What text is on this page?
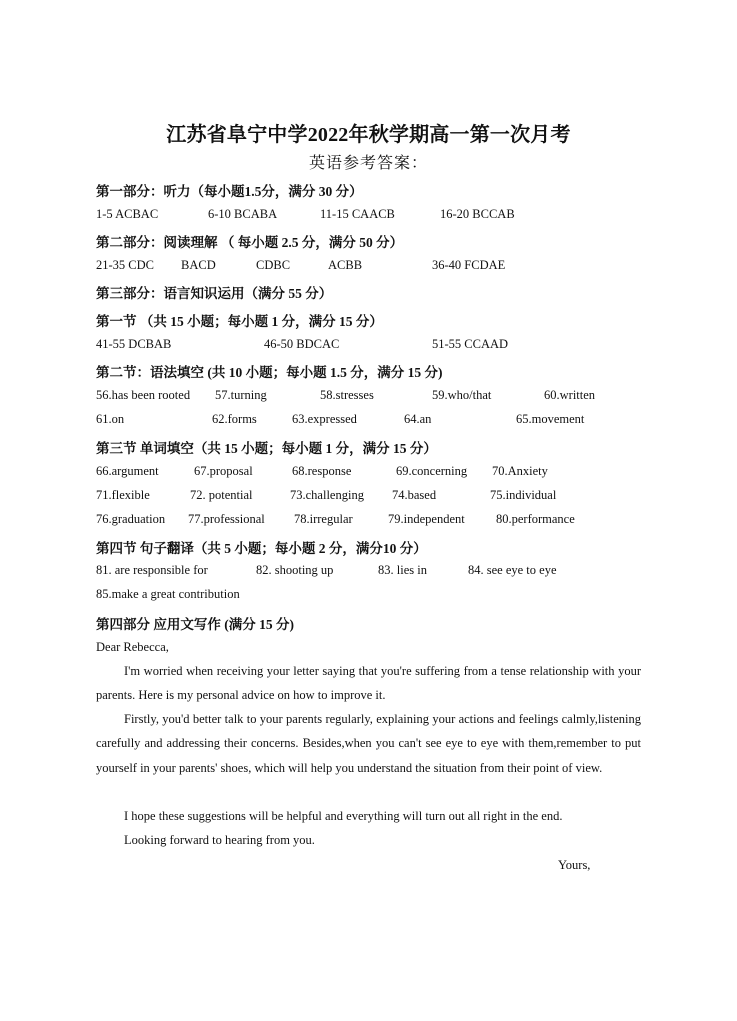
江苏省阜宁中学2022年秋学期高一第一次月考
英语参考答案：
第一部分：听力（每小题1.5分，满分 30 分）
1-5 ACBAC	6-10 BCABA	11-15 CAACB	16-20 BCCAB
第二部分：阅读理解 （ 每小题 2.5 分，满分 50 分）
21-35 CDC BACD	CDBC	ACBB	36-40 FCDAE
第三部分：语言知识运用（满分 55 分）
第一节 （共 15 小题；每小题 1 分，满分 15 分）
41-55 DCBAB	46-50 BDCAC	51-55 CCAAD
第二节：语法填空 (共 10 小题；每小题 1.5 分，满分 15 分)
56.has been rooted 57.turning	58.stresses	59.who/that	60.written
61.on	62.forms	63.expressed	64.an	65.movement
第三节 单词填空（共 15 小题；每小题 1 分，满分 15 分）
66.argument	67.proposal	68.response	69.concerning 70.Anxiety
71.flexible	72. potential	73.challenging 74.based	75.individual
76.graduation 77.professional 78.irregular	79.independent	80.performance
第四节 句子翻译（共 5 小题；每小题 2 分，满分10 分）
81. are responsible for	82. shooting up	83. lies in	84. see eye to eye
85.make a great contribution
第四部分 应用文写作 (满分 15 分)
Dear Rebecca,
I'm worried when receiving your letter saying that you're suffering from a tense relationship with your parents. Here is my personal advice on how to improve it.
Firstly, you'd better talk to your parents regularly, explaining your actions and feelings calmly,listening carefully and addressing their concerns. Besides,when you can't see eye to eye with them,remember to put yourself in your parents' shoes, which will help you understand the situation from their point of view.
I hope these suggestions will be helpful and everything will turn out all right in the end.
Looking forward to hearing from you.
Yours,
